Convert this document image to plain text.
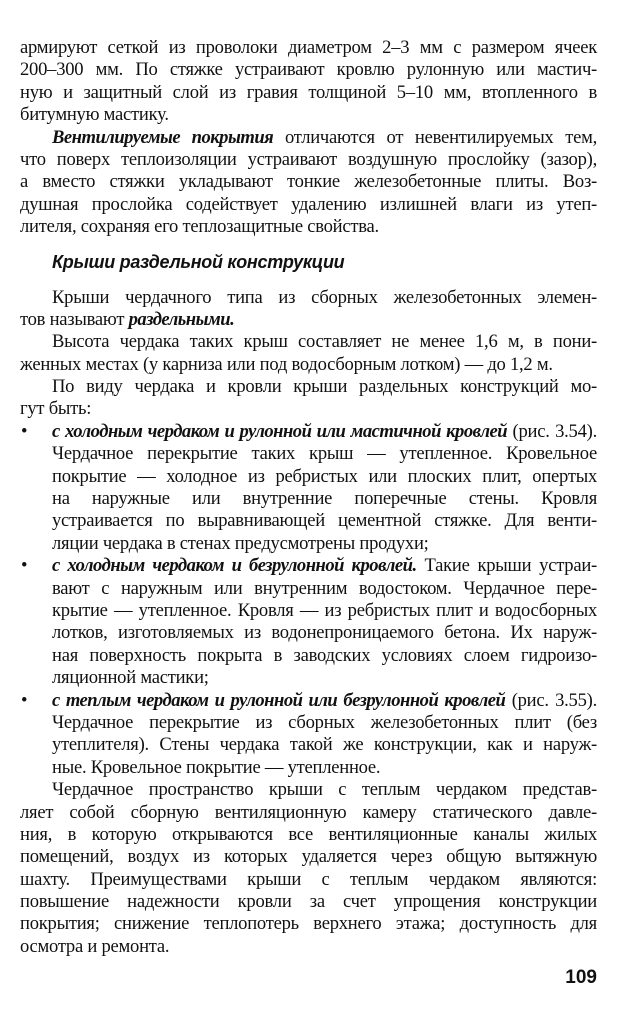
армируют сеткой из проволоки диаметром 2–3 мм с размером ячеек
200–300 мм. По стяжке устраивают кровлю рулонную или мастич-
ную и защитный слой из гравия толщиной 5–10 мм, втопленного в
битумную мастику.
Вентилируемые покрытия отличаются от невентилируемых тем,
что поверх теплоизоляции устраивают воздушную прослойку (зазор),
а вместо стяжки укладывают тонкие железобетонные плиты. Воз-
душная прослойка содействует удалению излишней влаги из утеп-
лителя, сохраняя его теплозащитные свойства.
Крыши раздельной конструкции
Крыши чердачного типа из сборных железобетонных элемен-
тов называют раздельными.
Высота чердака таких крыш составляет не менее 1,6 м, в пони-
женных местах (у карниза или под водосборным лотком) — до 1,2 м.
По виду чердака и кровли крыши раздельных конструкций мо-
гут быть:
• с холодным чердаком и рулонной или мастичной кровлей (рис. 3.54).
Чердачное перекрытие таких крыш — утепленное. Кровельное
покрытие — холодное из ребристых или плоских плит, опертых
на наружные или внутренние поперечные стены. Кровля
устраивается по выравнивающей цементной стяжке. Для венти-
ляции чердака в стенах предусмотрены продухи;
• с холодным чердаком и безрулонной кровлей. Такие крыши устраи-
вают с наружным или внутренним водостоком. Чердачное пере-
крытие — утепленное. Кровля — из ребристых плит и водосборных
лотков, изготовляемых из водонепроницаемого бетона. Их наруж-
ная поверхность покрыта в заводских условиях слоем гидроизо-
ляционной мастики;
• с теплым чердаком и рулонной или безрулонной кровлей (рис. 3.55).
Чердачное перекрытие из сборных железобетонных плит (без
утеплителя). Стены чердака такой же конструкции, как и наруж-
ные. Кровельное покрытие — утепленное.
Чердачное пространство крыши с теплым чердаком представ-
ляет собой сборную вентиляционную камеру статического давле-
ния, в которую открываются все вентиляционные каналы жилых
помещений, воздух из которых удаляется через общую вытяжную
шахту. Преимуществами крыши с теплым чердаком являются:
повышение надежности кровли за счет упрощения конструкции
покрытия; снижение теплопотерь верхнего этажа; доступность для
осмотра и ремонта.
109
